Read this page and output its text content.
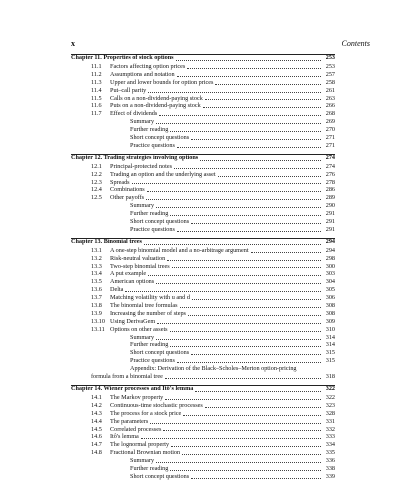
x	Contents
Chapter 11. Properties of stock options	253
11.1	Factors affecting option prices	253
11.2	Assumptions and notation	257
11.3	Upper and lower bounds for option prices	258
11.4	Put–call parity	261
11.5	Calls on a non-dividend-paying stock	263
11.6	Puts on a non-dividend-paying stock	266
11.7	Effect of dividends	268
Summary	269
Further reading	270
Short concept questions	271
Practice questions	271
Chapter 12. Trading strategies involving options	274
12.1	Principal-protected notes	274
12.2	Trading an option and the underlying asset	276
12.3	Spreads	278
12.4	Combinations	286
12.5	Other payoffs	289
Summary	290
Further reading	291
Short concept questions	291
Practice questions	291
Chapter 13. Binomial trees	294
13.1	A one-step binomial model and a no-arbitrage argument	294
13.2	Risk-neutral valuation	298
13.3	Two-step binomial trees	300
13.4	A put example	303
13.5	American options	304
13.6	Delta	305
13.7	Matching volatility with u and d	306
13.8	The binomial tree formulas	308
13.9	Increasing the number of steps	308
13.10 Using DerivaGem	309
13.11 Options on other assets	310
Summary	314
Further reading	314
Short concept questions	315
Practice questions	315
Appendix: Derivation of the Black–Scholes–Merton option-pricing
formula from a binomial tree	318
Chapter 14. Wiener processes and Itô's lemma	322
14.1	The Markov property	322
14.2	Continuous-time stochastic processes	323
14.3	The process for a stock price	328
14.4	The parameters	331
14.5	Correlated processes	332
14.6	Itô's lemma	333
14.7	The lognormal property	334
14.8	Fractional Brownian motion	335
Summary	336
Further reading	338
Short concept questions	339
